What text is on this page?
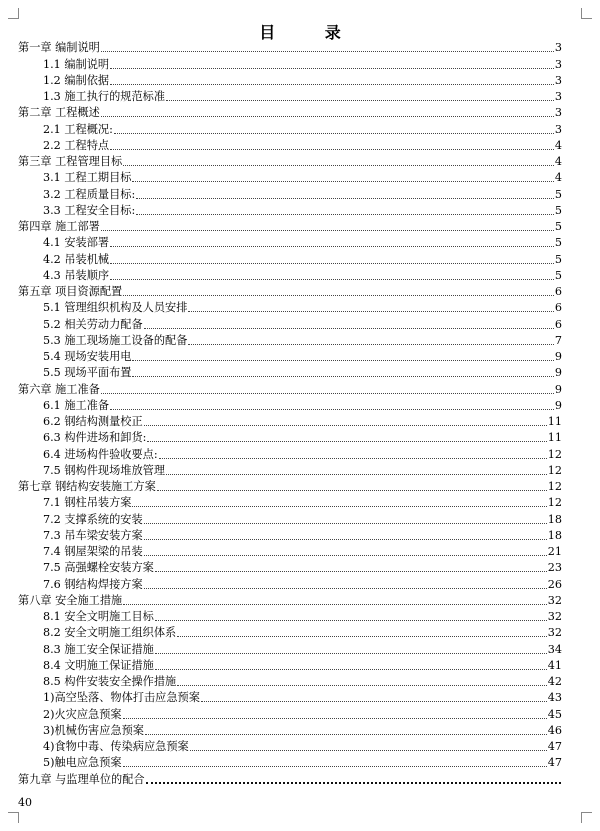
目 录
第一章 编制说明	3
1.1 编制说明	3
1.2 编制依据	3
1.3 施工执行的规范标准	3
第二章 工程概述	3
2.1 工程概况:	3
2.2 工程特点	4
第三章 工程管理目标	4
3.1 工程工期目标	4
3.2 工程质量目标:	5
3.3 工程安全目标:	5
第四章 施工部署	5
4.1 安装部署	5
4.2 吊装机械	5
4.3 吊装顺序	5
第五章 项目资源配置	6
5.1 管理组织机构及人员安排	6
5.2 相关劳动力配备	6
5.3 施工现场施工设备的配备	7
5.4 现场安装用电	9
5.5 现场平面布置	9
第六章 施工准备	9
6.1 施工准备	9
6.2 钢结构测量校正	11
6.3 构件进场和卸货:	11
6.4 进场构件验收要点:	12
7.5 钢构件现场堆放管理	12
第七章 钢结构安装施工方案	12
7.1 钢柱吊装方案	12
7.2 支撑系统的安装	18
7.3 吊车梁安装方案	18
7.4 钢屋架梁的吊装	21
7.5 高强螺栓安装方案	23
7.6 钢结构焊接方案	26
第八章 安全施工措施	32
8.1 安全文明施工目标	32
8.2 安全文明施工组织体系	32
8.3 施工安全保证措施	34
8.4 文明施工保证措施	41
8.5 构件安装安全操作措施	42
1)高空坠落、物体打击应急预案	43
2)火灾应急预案	45
3)机械伤害应急预案	46
4)食物中毒、传染病应急预案	47
5)触电应急预案	47
第九章 与监理单位的配合
40
